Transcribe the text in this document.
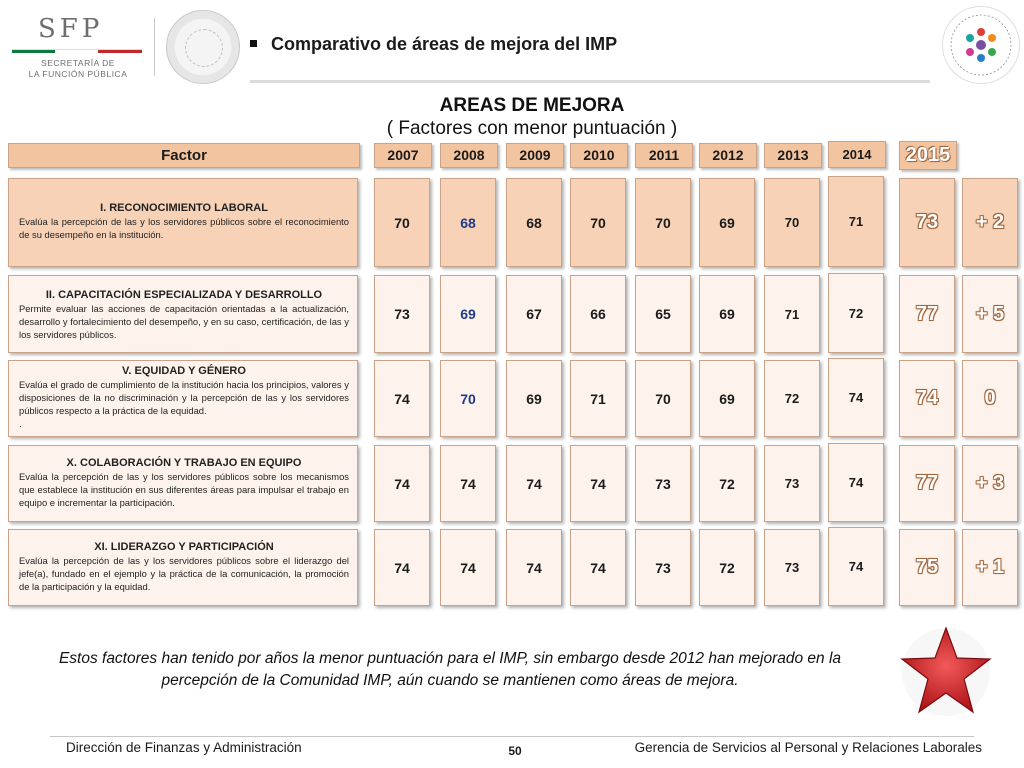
SFP
SECRETARÍA DE
LA FUNCIÓN PÚBLICA
Comparativo de áreas de mejora del IMP
AREAS DE MEJORA
( Factores con menor puntuación )
Factor	2007	2008	2009	2010	2011	2012	2013	2014	2015
I. RECONOCIMIENTO LABORAL
Evalúa la percepción de las y los servidores públicos sobre el reconocimiento de su desempeño en la institución.
70	68	68	70	70	69	70	71	73	+ 2
II. CAPACITACIÓN ESPECIALIZADA Y DESARROLLO
Permite evaluar las acciones de capacitación orientadas a la actualización, desarrollo y fortalecimiento del desempeño, y en su caso, certificación, de las y los servidores públicos.
73	69	67	66	65	69	71	72	77	+ 5
V. EQUIDAD Y GÉNERO
Evalúa el grado de cumplimiento de la institución hacia los principios, valores y disposiciones de la no discriminación y la percepción de las y los servidores públicos respecto a la práctica de la equidad.
.
74	70	69	71	70	69	72	74	74	0
X. COLABORACIÓN Y TRABAJO EN EQUIPO
Evalúa la percepción de las y los servidores públicos sobre los mecanismos que establece la institución en sus diferentes áreas para impulsar el trabajo en equipo e incrementar la participación.
74	74	74	74	73	72	73	74	77	+ 3
XI. LIDERAZGO Y PARTICIPACIÓN
Evalúa la percepción de las y los servidores públicos sobre el liderazgo del jefe(a), fundado en el ejemplo y la práctica de la comunicación, la promoción de la participación y la equidad.
74	74	74	74	73	72	73	74	75	+ 1
Estos factores han tenido por años la menor puntuación para el IMP, sin embargo desde 2012 han mejorado en la
percepción de la Comunidad IMP, aún cuando se mantienen como áreas de mejora.
Dirección de Finanzas y Administración	50	Gerencia de Servicios al Personal y Relaciones Laborales
